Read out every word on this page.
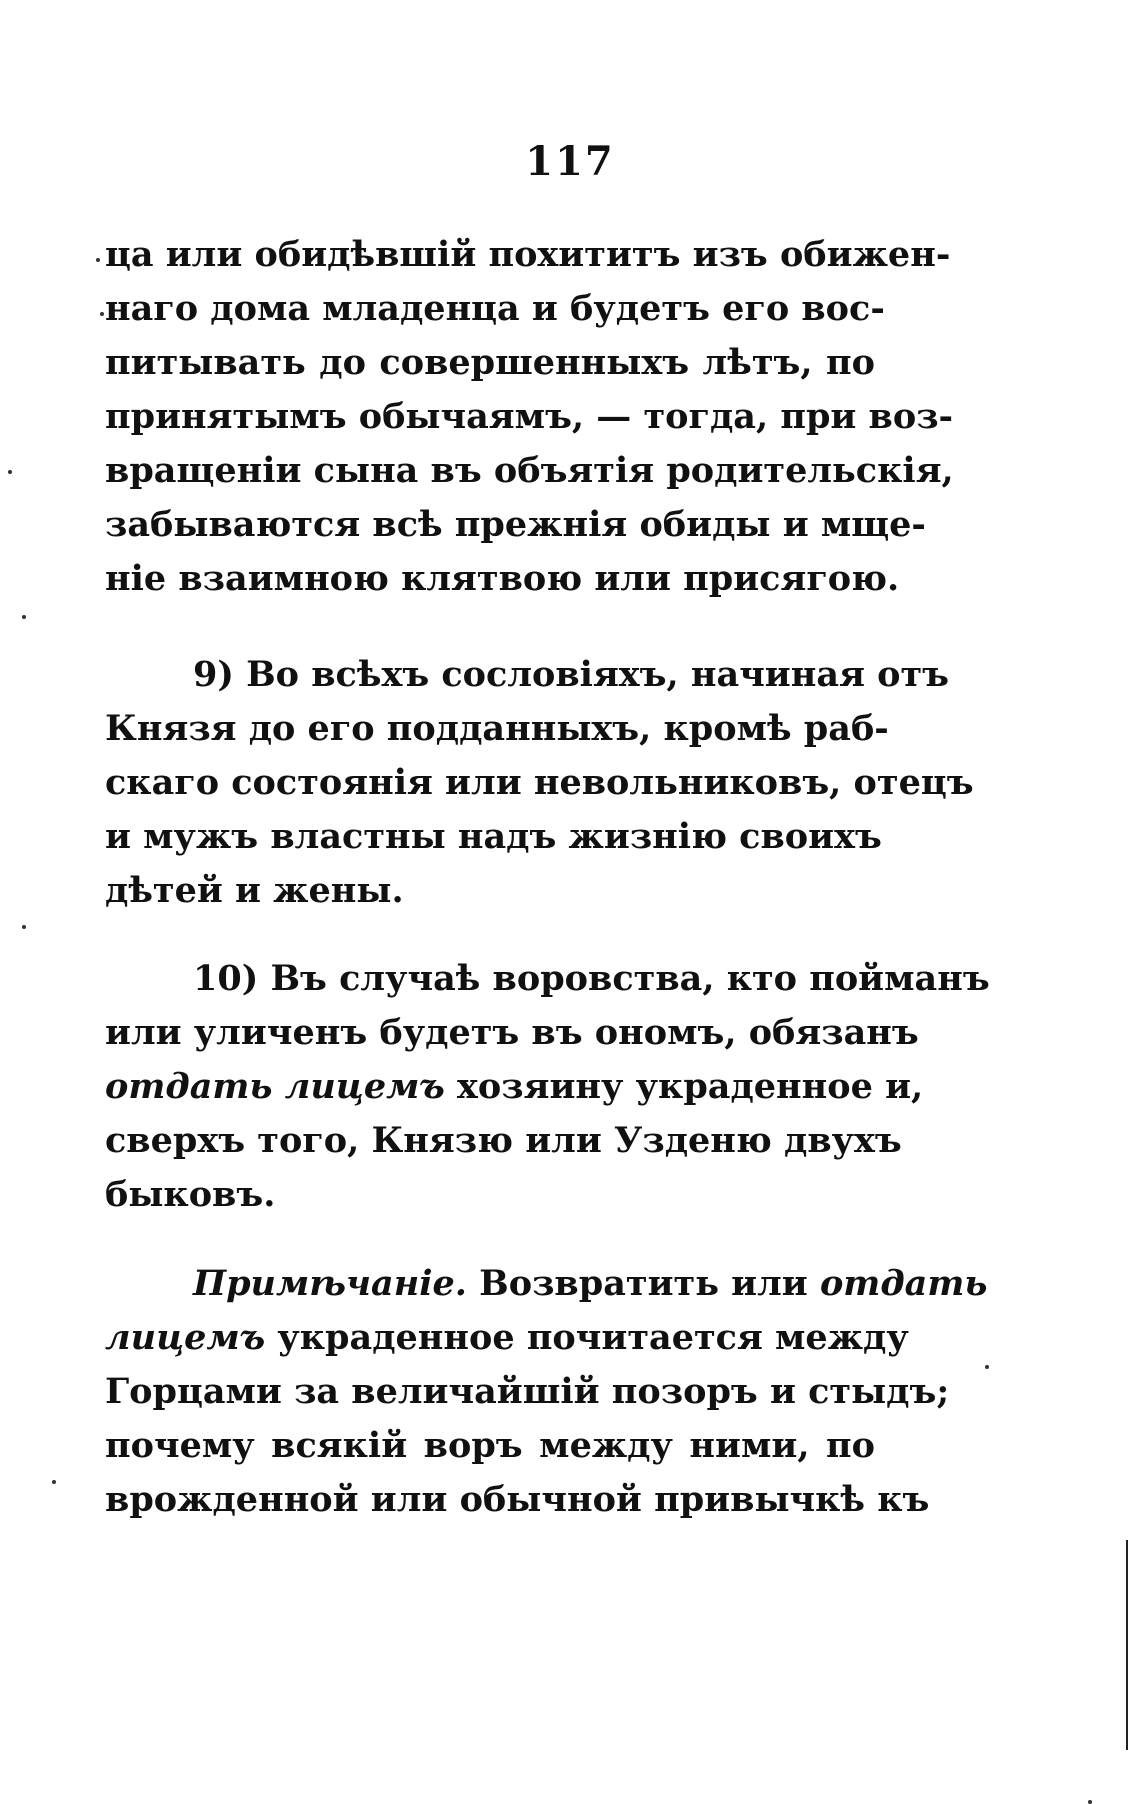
117
ца или обидѣвшій похититъ изъ обижен-
наго дома младенца и будетъ его вос-
питывать до совершенныхъ лѣтъ, по
принятымъ обычаямъ, — тогда, при воз-
вращеніи сына въ объятія родительскія,
забываются всѣ прежнія обиды и мще-
ніе взаимною клятвою или присягою.
9) Во всѣхъ сословіяхъ, начиная отъ
Князя до его подданныхъ, кромѣ раб-
скаго состоянія или невольниковъ, отецъ
и мужъ властны надъ жизнію своихъ
дѣтей и жены.
10) Въ случаѣ воровства, кто пойманъ
или уличенъ будетъ въ ономъ, обязанъ
отдать лицемъ хозяину украденное и,
сверхъ того, Князю или Узденю двухъ
быковъ.
Примѣчаніе. Возвратить или отдать
лицемъ украденное почитается между
Горцами за величайшій позоръ и стыдъ;
почему всякій воръ между ними, по
врожденной или обычной привычкѣ къ
